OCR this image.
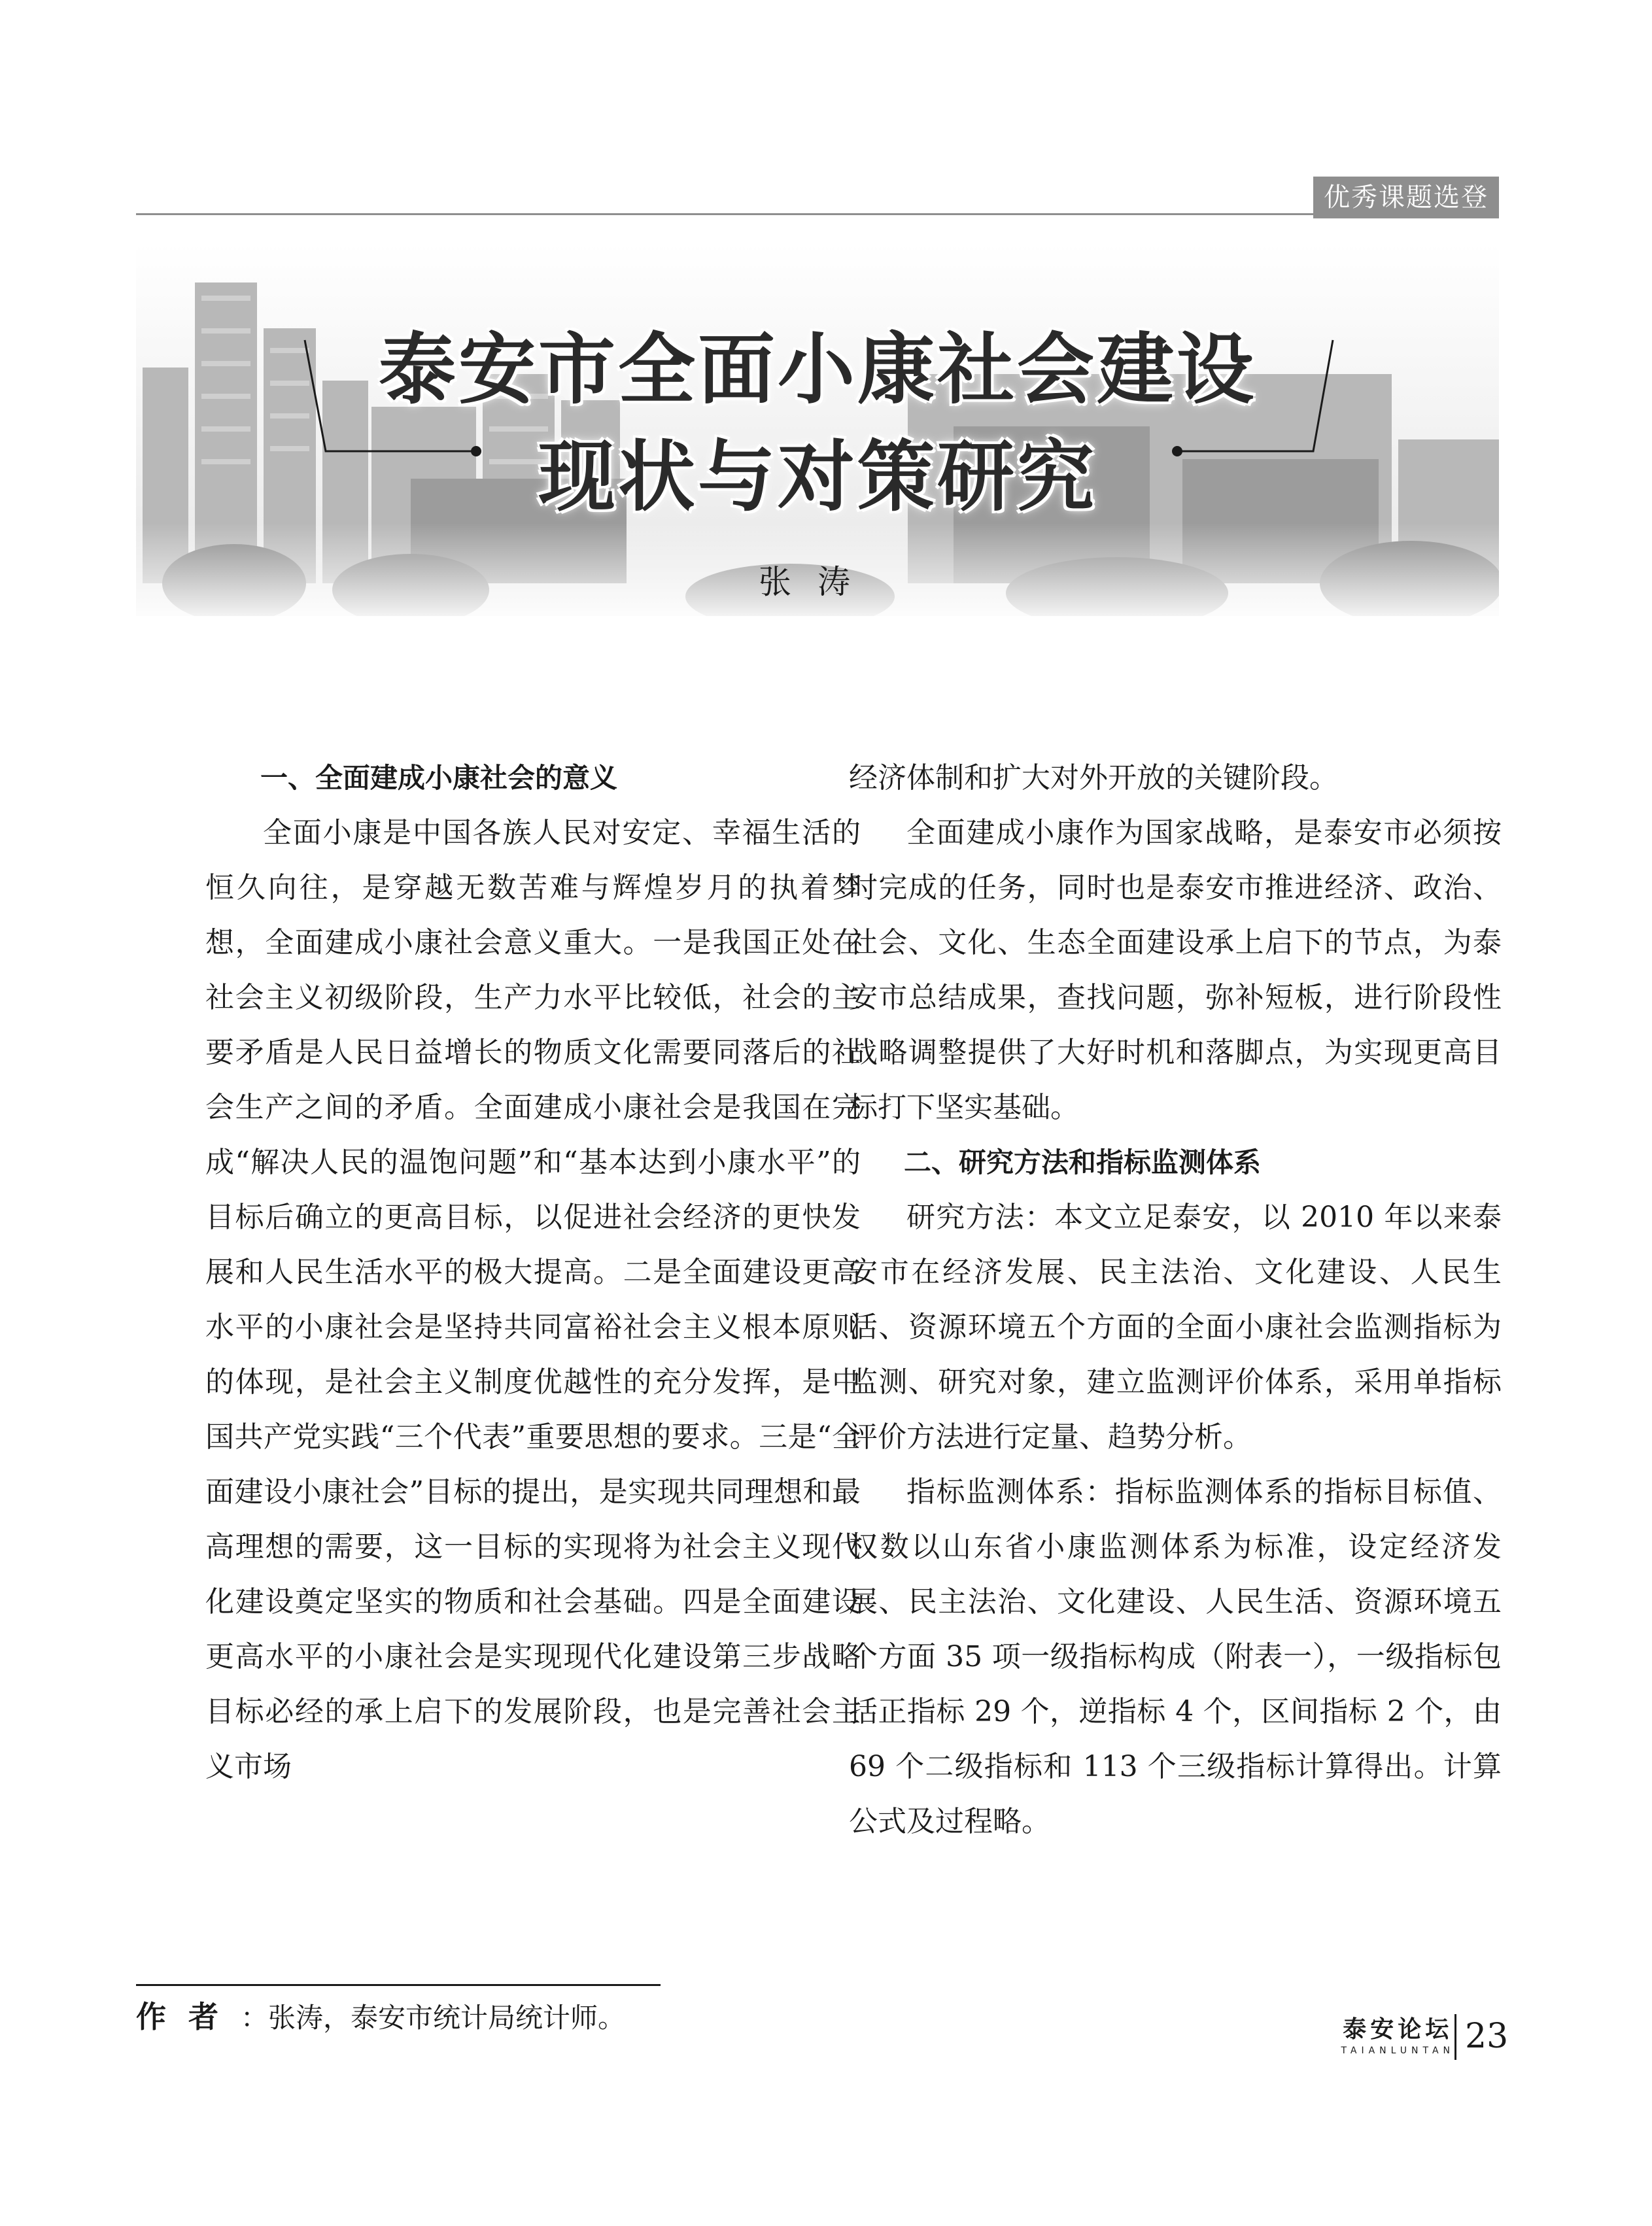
优秀课题选登
泰安市全面小康社会建设
现状与对策研究
张涛
一、全面建成小康社会的意义

全面小康是中国各族人民对安定、幸福生活的恒久向往，是穿越无数苦难与辉煌岁月的执着梦想，全面建成小康社会意义重大。一是我国正处在社会主义初级阶段，生产力水平比较低，社会的主要矛盾是人民日益增长的物质文化需要同落后的社会生产之间的矛盾。全面建成小康社会是我国在完成“解决人民的温饱问题”和“基本达到小康水平”的目标后确立的更高目标，以促进社会经济的更快发展和人民生活水平的极大提高。二是全面建设更高水平的小康社会是坚持共同富裕社会主义根本原则的体现，是社会主义制度优越性的充分发挥，是中国共产党实践“三个代表”重要思想的要求。三是“全面建设小康社会”目标的提出，是实现共同理想和最高理想的需要，这一目标的实现将为社会主义现代化建设奠定坚实的物质和社会基础。四是全面建设更高水平的小康社会是实现现代化建设第三步战略目标必经的承上启下的发展阶段，也是完善社会主义市场

经济体制和扩大对外开放的关键阶段。

全面建成小康作为国家战略，是泰安市必须按时完成的任务，同时也是泰安市推进经济、政治、社会、文化、生态全面建设承上启下的节点，为泰安市总结成果，查找问题，弥补短板，进行阶段性战略调整提供了大好时机和落脚点，为实现更高目标打下坚实基础。

二、研究方法和指标监测体系

研究方法：本文立足泰安，以 2010 年以来泰安市在经济发展、民主法治、文化建设、人民生活、资源环境五个方面的全面小康社会监测指标为监测、研究对象，建立监测评价体系，采用单指标评价方法进行定量、趋势分析。

指标监测体系：指标监测体系的指标目标值、权数以山东省小康监测体系为标准，设定经济发展、民主法治、文化建设、人民生活、资源环境五个方面 35 项一级指标构成（附表一），一级指标包括正指标 29 个，逆指标 4 个，区间指标 2 个，由 69 个二级指标和 113 个三级指标计算得出。计算公式及过程略。

作者：张涛，泰安市统计局统计师。	泰安论坛
TAIANLUNTAN 23
